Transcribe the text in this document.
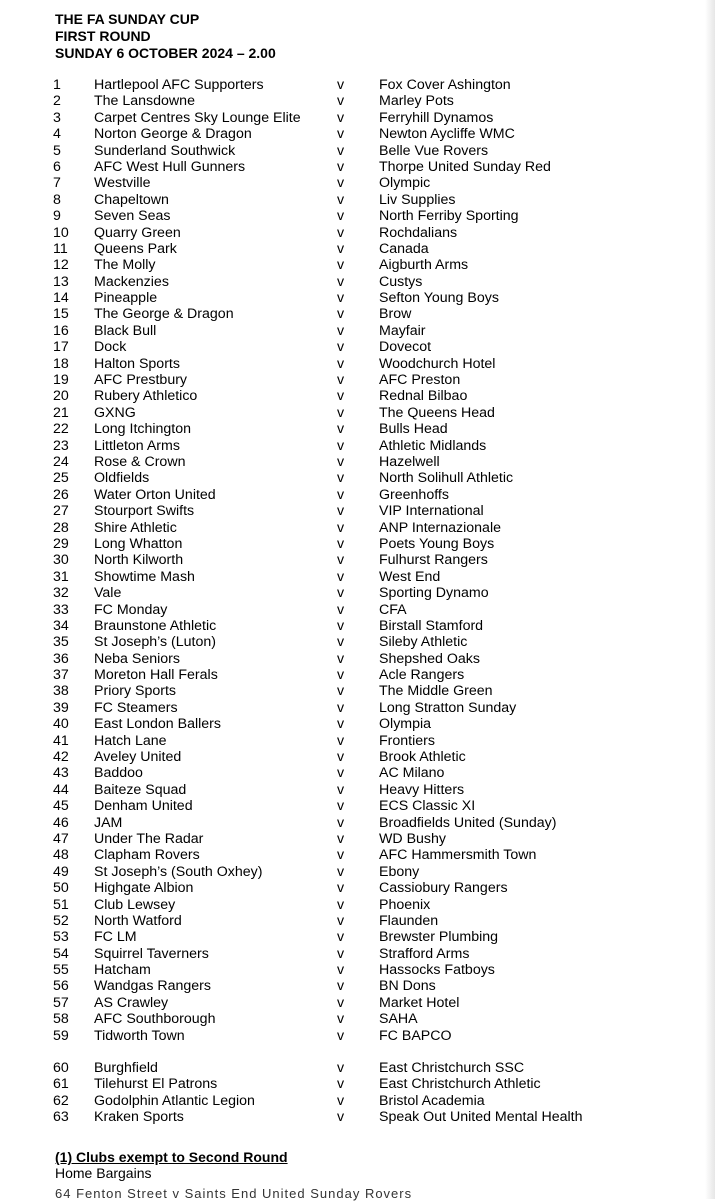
THE FA SUNDAY CUP
FIRST ROUND
SUNDAY 6 OCTOBER 2024 – 2.00
1 Hartlepool AFC Supporters	v Fox Cover Ashington
2 The Lansdowne	v Marley Pots
3 Carpet Centres Sky Lounge Elite	v Ferryhill Dynamos
4 Norton George & Dragon	v Newton Aycliffe WMC
5 Sunderland Southwick	v Belle Vue Rovers
6 AFC West Hull Gunners	v Thorpe United Sunday Red
7 Westville	v Olympic
8 Chapeltown	v Liv Supplies
9 Seven Seas	v North Ferriby Sporting
10 Quarry Green	v Rochdalians
11 Queens Park	v Canada
12 The Molly	v Aigburth Arms
13 Mackenzies	v Custys
14 Pineapple	v Sefton Young Boys
15 The George & Dragon	v Brow
16 Black Bull	v Mayfair
17 Dock	v Dovecot
18 Halton Sports	v Woodchurch Hotel
19 AFC Prestbury	v AFC Preston
20 Rubery Athletico	v Rednal Bilbao
21 GXNG	v The Queens Head
22 Long Itchington	v Bulls Head
23 Littleton Arms	v Athletic Midlands
24 Rose & Crown	v Hazelwell
25 Oldfields	v North Solihull Athletic
26 Water Orton United	v Greenhoffs
27 Stourport Swifts	v VIP International
28 Shire Athletic	v ANP Internazionale
29 Long Whatton	v Poets Young Boys
30 North Kilworth	v Fulhurst Rangers
31 Showtime Mash	v West End
32 Vale	v Sporting Dynamo
33 FC Monday	v CFA
34 Braunstone Athletic	v Birstall Stamford
35 St Joseph’s (Luton)	v Sileby Athletic
36 Neba Seniors	v Shepshed Oaks
37 Moreton Hall Ferals	v Acle Rangers
38 Priory Sports	v The Middle Green
39 FC Steamers	v Long Stratton Sunday
40 East London Ballers	v Olympia
41 Hatch Lane	v Frontiers
42 Aveley United	v Brook Athletic
43 Baddoo	v AC Milano
44 Baiteze Squad	v Heavy Hitters
45 Denham United	v ECS Classic XI
46 JAM	v Broadfields United (Sunday)
47 Under The Radar	v WD Bushy
48 Clapham Rovers	v AFC Hammersmith Town
49 St Joseph’s (South Oxhey)	v Ebony
50 Highgate Albion	v Cassiobury Rangers
51 Club Lewsey	v Phoenix
52 North Watford	v Flaunden
53 FC LM	v Brewster Plumbing
54 Squirrel Taverners	v Strafford Arms
55 Hatcham	v Hassocks Fatboys
56 Wandgas Rangers	v BN Dons
57 AS Crawley	v Market Hotel
58 AFC Southborough	v SAHA
59 Tidworth Town	v FC BAPCO
60 Burghfield	v East Christchurch SSC
61 Tilehurst El Patrons	v East Christchurch Athletic
62 Godolphin Atlantic Legion	v Bristol Academia
63 Kraken Sports	v Speak Out United Mental Health
(1) Clubs exempt to Second Round
Home Bargains
64 Fenton Street v Saints End United Sunday Rovers
